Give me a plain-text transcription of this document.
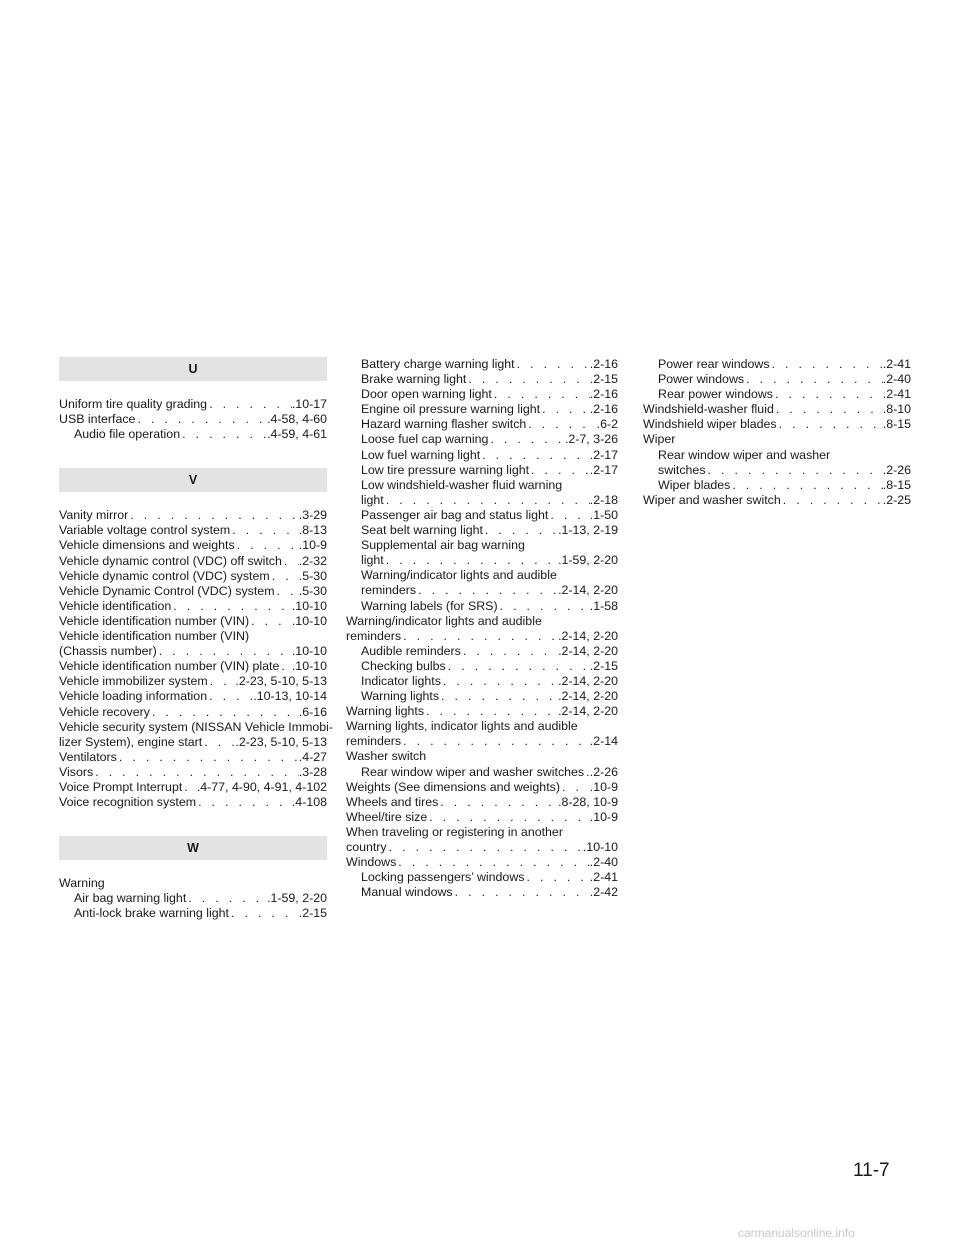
U
Uniform tire quality grading . . .	.10-17
USB interface . . .	.4-58, 4-60
Audio file operation . . .	.4-59, 4-61
V
Vanity mirror . . .	.3-29
Variable voltage control system . . .	.8-13
Vehicle dimensions and weights . . .	.10-9
Vehicle dynamic control (VDC) off switch . . . .2-32
Vehicle dynamic control (VDC) system . . . .5-30
Vehicle Dynamic Control (VDC) system . . . .5-30
Vehicle identification . . .	.10-10
Vehicle identification number (VIN) . . .	.10-10
Vehicle identification number (VIN)
(Chassis number) . . .	.10-10
Vehicle identification number (VIN) plate . . . .10-10
Vehicle immobilizer system . . . .2-23, 5-10, 5-13
Vehicle loading information . . .	.10-13, 10-14
Vehicle recovery . . .	.6-16
Vehicle security system (NISSAN Vehicle Immobi-
lizer System), engine start . . .	.2-23, 5-10, 5-13
Ventilators . . .	.4-27
Visors . . .	.3-28
Voice Prompt Interrupt . . . .4-77, 4-90, 4-91, 4-102
Voice recognition system . . .	.4-108
W
Warning
Air bag warning light . . .	.1-59, 2-20
Anti-lock brake warning light . . .	.2-15
Battery charge warning light . . .	.2-16
Brake warning light . . .	.2-15
Door open warning light . . .	.2-16
Engine oil pressure warning light . . .	.2-16
Hazard warning flasher switch . . .	.6-2
Loose fuel cap warning . . .	.2-7, 3-26
Low fuel warning light . . .	.2-17
Low tire pressure warning light . . .	.2-17
Low windshield-washer fluid warning
light . . .	.2-18
Passenger air bag and status light . . .	.1-50
Seat belt warning light . . .	.1-13, 2-19
Supplemental air bag warning
light . . .	.1-59, 2-20
Warning/indicator lights and audible
reminders . . .	.2-14, 2-20
Warning labels (for SRS) . . .	.1-58
Warning/indicator lights and audible
reminders . . .	.2-14, 2-20
Audible reminders . . .	.2-14, 2-20
Checking bulbs . . .	.2-15
Indicator lights . . .	.2-14, 2-20
Warning lights . . .	.2-14, 2-20
Warning lights . . .	.2-14, 2-20
Warning lights, indicator lights and audible
reminders . . .	.2-14
Washer switch
Rear window wiper and washer switches . . . .2-26
Weights (See dimensions and weights) . . . .10-9
Wheels and tires . . .	.8-28, 10-9
Wheel/tire size . . .	.10-9
When traveling or registering in another
country . . .	.10-10
Windows . . .	.2-40
Locking passengers’ windows . . .	.2-41
Manual windows . . .	.2-42
Power rear windows . . .	.2-41
Power windows . . .	.2-40
Rear power windows . . .	.2-41
Windshield-washer fluid . . .	.8-10
Windshield wiper blades . . .	.8-15
Wiper
Rear window wiper and washer
switches . . .	.2-26
Wiper blades . . .	.8-15
Wiper and washer switch . . .	.2-25
11-7
carmanualsonline.info
